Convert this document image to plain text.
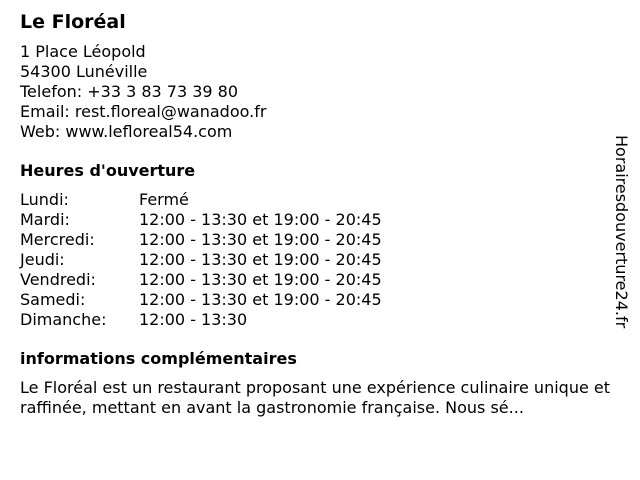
Le Floréal
1 Place Léopold
54300 Lunéville
Telefon: +33 3 83 73 39 80
Email: rest.floreal@wanadoo.fr
Web: www.lefloreal54.com
Heures d'ouverture
Lundi:	Fermé
Mardi:	12:00 - 13:30 et 19:00 - 20:45
Mercredi:	12:00 - 13:30 et 19:00 - 20:45
Jeudi:	12:00 - 13:30 et 19:00 - 20:45
Vendredi:	12:00 - 13:30 et 19:00 - 20:45
Samedi:	12:00 - 13:30 et 19:00 - 20:45
Dimanche:	12:00 - 13:30
informations complémentaires
Le Floréal est un restaurant proposant une expérience culinaire unique et raffinée, mettant en avant la gastronomie française. Nous sé...
Horairesdouverture24.fr
